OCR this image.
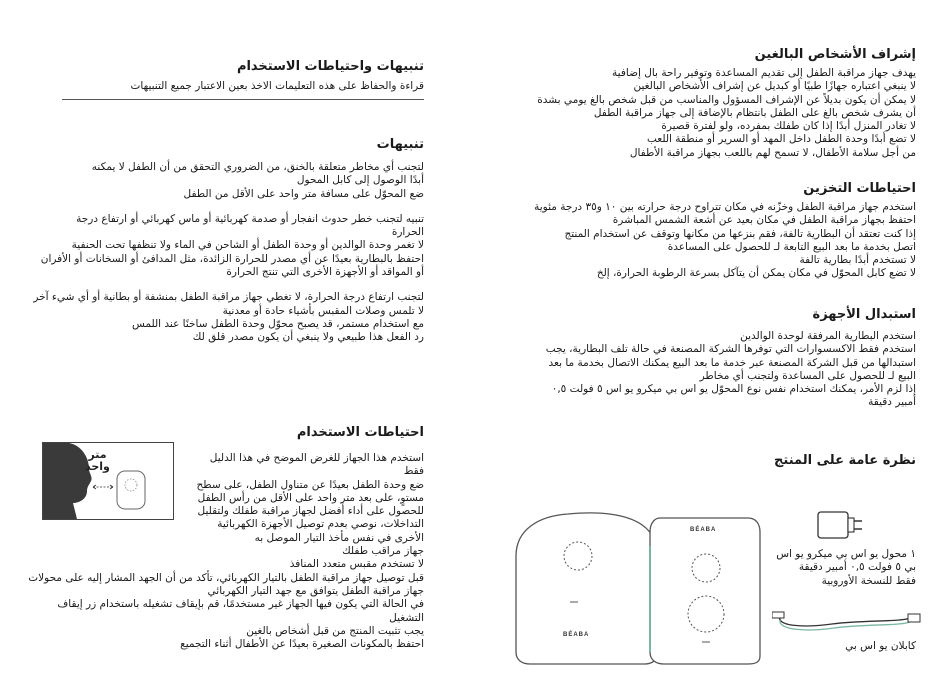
إشراف الأشخاص البالغين
يهدف جهاز مراقبة الطفل إلى تقديم المساعدة وتوفير راحة بال إضافية
لا ينبغي اعتباره جهازًا طبيًا أو كبديل عن إشراف الأشخاص البالغين
لا يمكن أن يكون بديلاً عن الإشراف المسؤول والمناسب من قبل شخص بالغ يومي بشدة
أن يشرف شخص بالغ على الطفل بانتظام بالإضافة إلى جهاز مراقبة الطفل
لا تغادر المنزل أبدًا إذا كان طفلك بمفرده، ولو لفترة قصيرة
لا تضع أبدًا وحدة الطفل داخل المهد أو السرير أو منطقة اللعب
من أجل سلامة الأطفال، لا تسمح لهم باللعب بجهاز مراقبة الأطفال
احتياطات التخزين
استخدم جهاز مراقبة الطفل وخزّنه في مكان تتراوح درجة حرارته بين ١٠ و٣٥ درجة مئوية
احتفظ بجهاز مراقبة الطفل في مكان بعيد عن أشعة الشمس المباشرة
إذا كنت تعتقد أن البطارية تالفة، فقم بنزعها من مكانها وتوقف عن استخدام المنتج
اتصل بخدمة ما بعد البيع التابعة لـ للحصول على المساعدة
لا تستخدم أبدًا بطارية تالفة
لا تضع كابل المحوّل في مكان يمكن أن يتآكل بسرعة الرطوبة الحرارة، إلخ
استبدال الأجهزة
استخدم البطارية المرفقة لوحدة الوالدين
استخدم فقط الاكسسوارات التي توفرها الشركة المصنعة في حالة تلف البطارية، يجب
استبدالها من قبل الشركة المصنعة عبر خدمة ما بعد البيع يمكنك الاتصال بخدمة ما بعد
البيع لـ للحصول على المساعدة ولتجنب أي مخاطر
إذا لزم الأمر، يمكنك استخدام نفس نوع المحوّل يو اس بي ميكرو يو اس ٥ فولت ٠,٥
أمبير دقيقة
نظرة عامة على المنتج
١ محول يو اس بي ميكرو يو اس
بي ٥ فولت ٠,٥ أمبير دقيقة
فقط للنسخة الأوروبية
كابلان يو اس بي
BÉABA
BÉABA
تنبيهات واحتياطات الاستخدام
قراءة والحفاظ على هذه التعليمات الاخذ بعين الاعتبار جميع التنبيهات
تنبيهات
لتجنب أي مخاطر متعلقة بالخنق، من الضروري التحقق من أن الطفل لا يمكنه
أبدًا الوصول إلى كابل المحول
ضع المحوّل على مسافة متر واحد على الأقل من الطفل
تنبيه لتجنب خطر حدوث انفجار أو صدمة كهربائية أو ماس كهربائي أو ارتفاع درجة
الحرارة
لا تغمر وحدة الوالدين أو وحدة الطفل أو الشاحن في الماء ولا تنظفها تحت الحنفية
احتفظ بالبطارية بعيدًا عن أي مصدر للحرارة الزائدة، مثل المدافئ أو السخانات أو الأفران
أو المواقد أو الأجهزة الأخرى التي تنتج الحرارة
لتجنب ارتفاع درجة الحرارة، لا تغطي جهاز مراقبة الطفل بمنشفة أو بطانية أو أي شيء آخر
لا تلمس وصلات المقبس بأشياء حادة أو معدنية
مع استخدام مستمر، قد يصبح محوّل وحدة الطفل ساخنًا عند اللمس
رد الفعل هذا طبيعي ولا ينبغي أن يكون مصدر قلق لك
احتياطات الاستخدام
استخدم هذا الجهاز للغرض الموضح في هذا الدليل
فقط
ضع وحدة الطفل بعيدًا عن متناول الطفل، على سطح
مستوٍ، على بعد متر واحد على الأقل من رأس الطفل
للحصول على أداء أفضل لجهاز مراقبة طفلك ولتقليل
التداخلات، نوصي بعدم توصيل الأجهزة الكهربائية
الأخرى في نفس مأخذ التيار الموصل به
جهاز مراقب طفلك
لا تستخدم مقبس متعدد المنافذ
قبل توصيل جهاز مراقبة الطفل بالتيار الكهربائي، تأكد من أن الجهد المشار إليه على محولات
جهاز مراقبة الطفل يتوافق مع جهد التيار الكهربائي
في الحالة التي يكون فيها الجهاز غير مستخدمًا، قم بإيقاف تشغيله باستخدام زر إيقاف
التشغيل
يجب تثبيت المنتج من قبل أشخاص بالغين
احتفظ بالمكونات الصغيرة بعيدًا عن الأطفال أثناء التجميع
متر
واحد
